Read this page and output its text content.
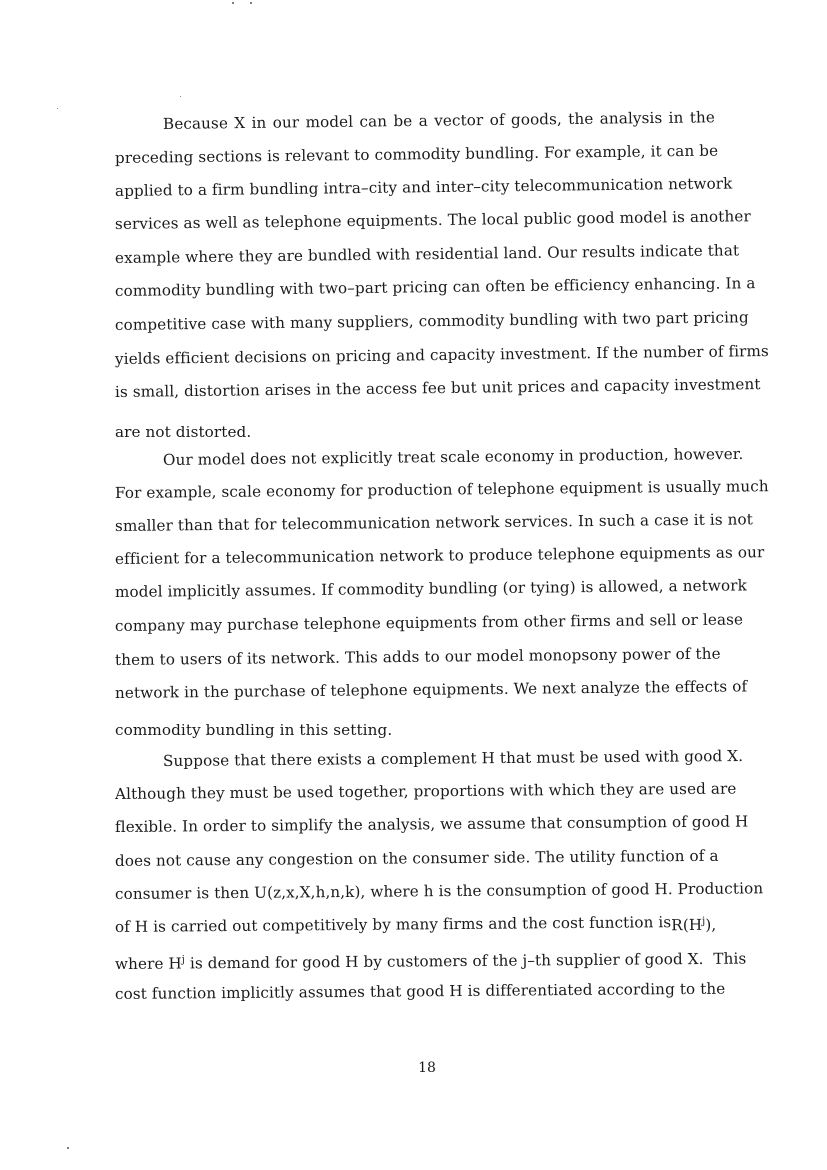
Because X in our model can be a vector of goods, the analysis in the
preceding sections is relevant to commodity bundling. For example, it can be
applied to a firm bundling intra–city and inter–city telecommunication network
services as well as telephone equipments. The local public good model is another
example where they are bundled with residential land. Our results indicate that
commodity bundling with two–part pricing can often be efficiency enhancing. In a
competitive case with many suppliers, commodity bundling with two part pricing
yields efficient decisions on pricing and capacity investment. If the number of firms
is small, distortion arises in the access fee but unit prices and capacity investment
are not distorted.
Our model does not explicitly treat scale economy in production, however.
For example, scale economy for production of telephone equipment is usually much
smaller than that for telecommunication network services. In such a case it is not
efficient for a telecommunication network to produce telephone equipments as our
model implicitly assumes. If commodity bundling (or tying) is allowed, a network
company may purchase telephone equipments from other firms and sell or lease
them to users of its network. This adds to our model monopsony power of the
network in the purchase of telephone equipments. We next analyze the effects of
commodity bundling in this setting.
Suppose that there exists a complement H that must be used with good X.
Although they must be used together, proportions with which they are used are
flexible. In order to simplify the analysis, we assume that consumption of good H
does not cause any congestion on the consumer side. The utility function of a
consumer is then U(z,x,X,h,n,k), where h is the consumption of good H. Production
of H is carried out competitively by many firms and the cost function is $R(H^j)$,
where $H^j$ is demand for good H by customers of the j–th supplier of good X.  This
cost function implicitly assumes that good H is differentiated according to the
18
